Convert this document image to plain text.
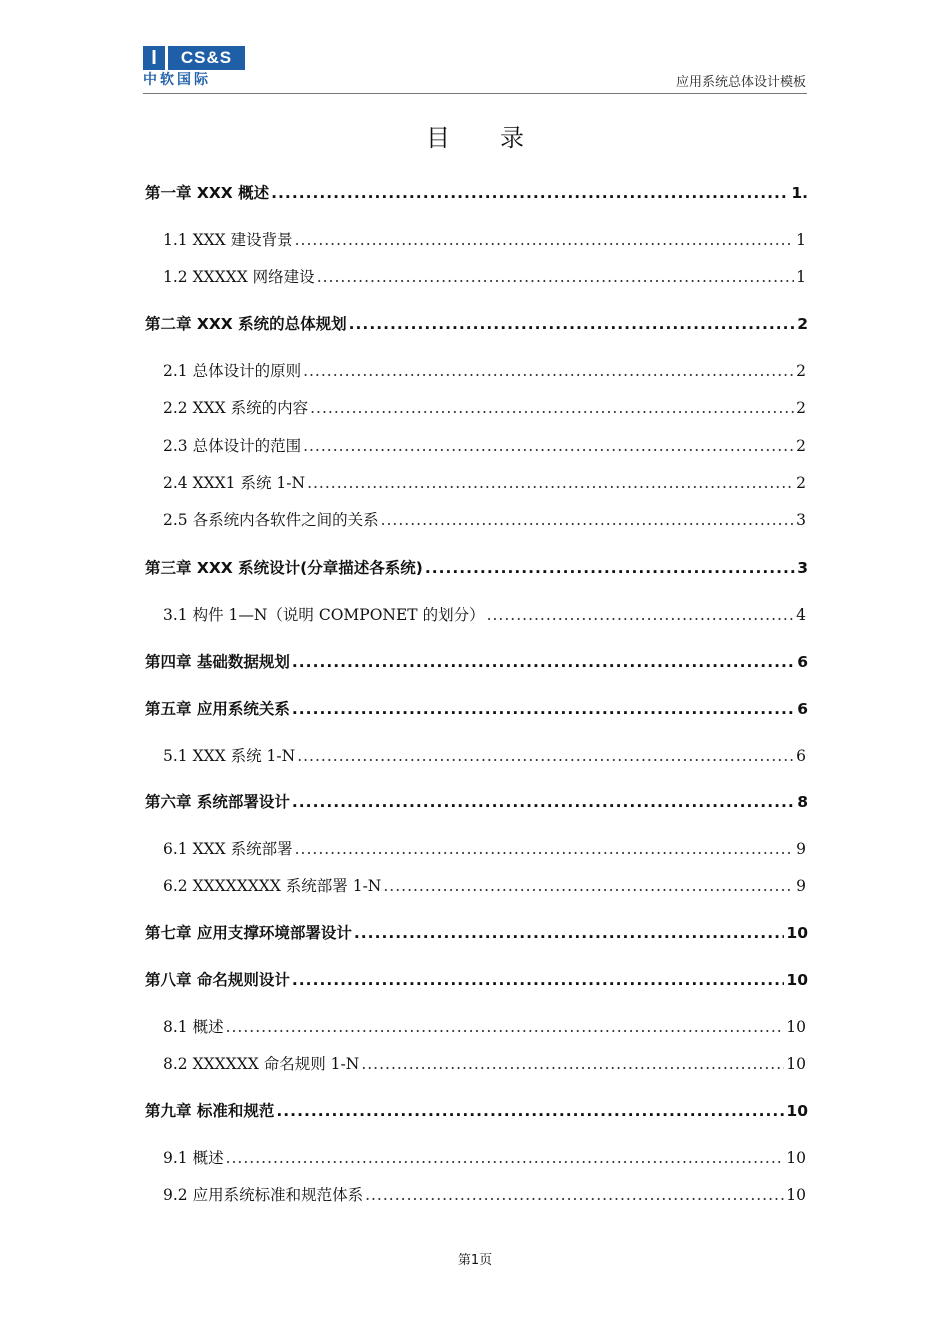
I	CS&S
中软国际	应用系统总体设计模板
目录
第一章 XXX 概述 .....	1.
1.1 XXX 建设背景 .....	1
1.2 XXXXX 网络建设 .....	1
第二章 XXX 系统的总体规划 .....	2
2.1 总体设计的原则 .....	2
2.2 XXX 系统的内容 .....	2
2.3 总体设计的范围 .....	2
2.4 XXX1 系统 1-N .....	2
2.5 各系统内各软件之间的关系 .....	3
第三章 XXX 系统设计(分章描述各系统) .....	3
3.1 构件 1—N（说明 COMPONET 的划分） .....	4
第四章 基础数据规划 .....	6
第五章 应用系统关系 .....	6
5.1 XXX 系统 1-N .....	6
第六章 系统部署设计 .....	8
6.1 XXX 系统部署 .....	9
6.2 XXXXXXXX 系统部署 1-N .....	9
第七章 应用支撑环境部署设计 .....	10
第八章 命名规则设计 .....	10
8.1 概述 .....	10
8.2 XXXXXX 命名规则 1-N .....	10
第九章 标准和规范 .....	10
9.1 概述 .....	10
9.2 应用系统标准和规范体系 .....	10
第1页
